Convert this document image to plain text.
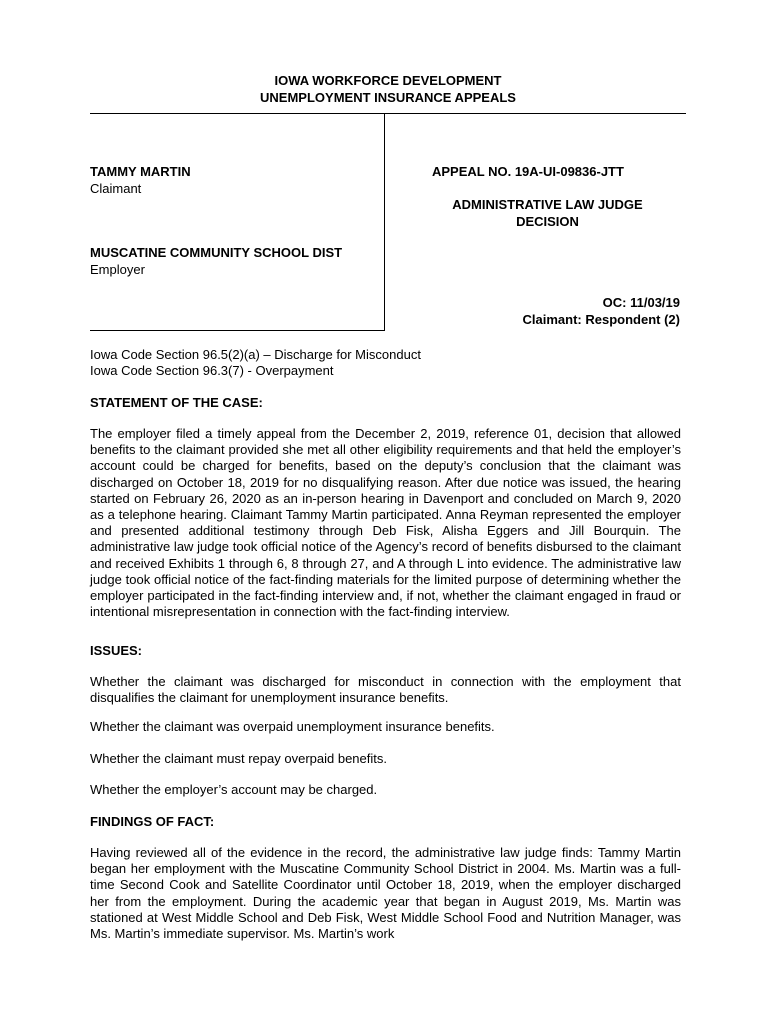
IOWA WORKFORCE DEVELOPMENT
UNEMPLOYMENT INSURANCE APPEALS
TAMMY MARTIN
Claimant
MUSCATINE COMMUNITY SCHOOL DIST
Employer
APPEAL NO. 19A-UI-09836-JTT
ADMINISTRATIVE LAW JUDGE
DECISION
OC: 11/03/19
Claimant: Respondent (2)
Iowa Code Section 96.5(2)(a) – Discharge for Misconduct
Iowa Code Section 96.3(7) - Overpayment
STATEMENT OF THE CASE:
The employer filed a timely appeal from the December 2, 2019, reference 01, decision that allowed benefits to the claimant provided she met all other eligibility requirements and that held the employer’s account could be charged for benefits, based on the deputy’s conclusion that the claimant was discharged on October 18, 2019 for no disqualifying reason. After due notice was issued, the hearing started on February 26, 2020 as an in-person hearing in Davenport and concluded on March 9, 2020 as a telephone hearing. Claimant Tammy Martin participated. Anna Reyman represented the employer and presented additional testimony through Deb Fisk, Alisha Eggers and Jill Bourquin. The administrative law judge took official notice of the Agency’s record of benefits disbursed to the claimant and received Exhibits 1 through 6, 8 through 27, and A through L into evidence. The administrative law judge took official notice of the fact-finding materials for the limited purpose of determining whether the employer participated in the fact-finding interview and, if not, whether the claimant engaged in fraud or intentional misrepresentation in connection with the fact-finding interview.
ISSUES:
Whether the claimant was discharged for misconduct in connection with the employment that disqualifies the claimant for unemployment insurance benefits.
Whether the claimant was overpaid unemployment insurance benefits.
Whether the claimant must repay overpaid benefits.
Whether the employer’s account may be charged.
FINDINGS OF FACT:
Having reviewed all of the evidence in the record, the administrative law judge finds: Tammy Martin began her employment with the Muscatine Community School District in 2004. Ms. Martin was a full-time Second Cook and Satellite Coordinator until October 18, 2019, when the employer discharged her from the employment. During the academic year that began in August 2019, Ms. Martin was stationed at West Middle School and Deb Fisk, West Middle School Food and Nutrition Manager, was Ms. Martin’s immediate supervisor. Ms. Martin’s work
